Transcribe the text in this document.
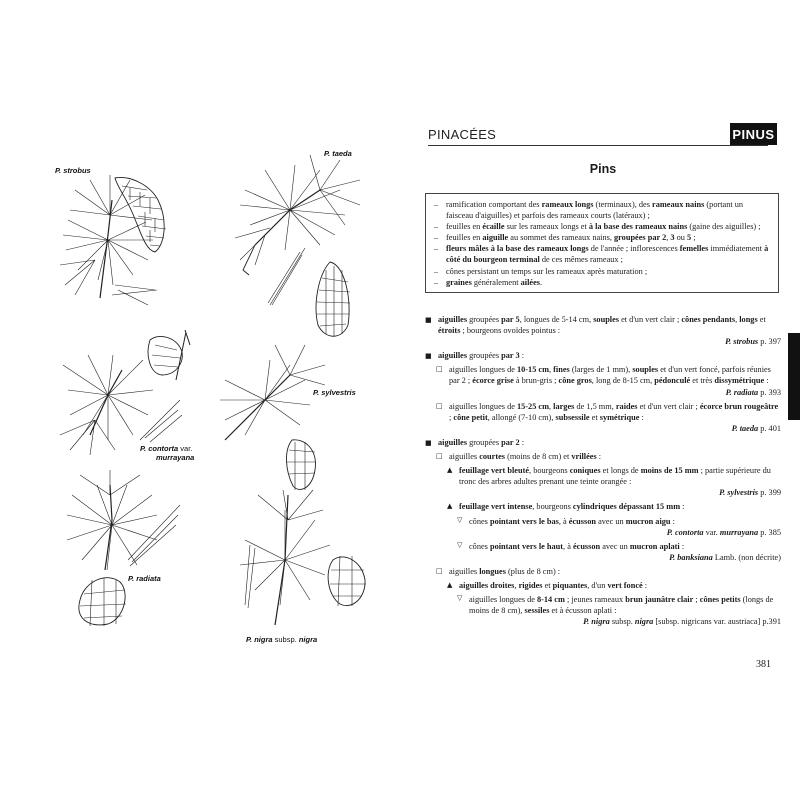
P. strobus
P. taeda
P. sylvestris
P. contorta var.
murrayana
P. radiata
P. nigra subsp. nigra
PINACÉES	PINUS
Pins
– ramification comportant des rameaux longs (terminaux), des rameaux nains (portant un faisceau d'aiguilles) et parfois des rameaux courts (latéraux) ;
– feuilles en écaille sur les rameaux longs et à la base des rameaux nains (gaine des aiguilles) ;
– feuilles en aiguille au sommet des rameaux nains, groupées par 2, 3 ou 5 ;
– fleurs mâles à la base des rameaux longs de l'année ; inflorescences femelles immédiatement à côté du bourgeon terminal de ces mêmes rameaux ;
– cônes persistant un temps sur les rameaux après maturation ;
– graines généralement ailées.
■ aiguilles groupées par 5, longues de 5-14 cm, souples et d'un vert clair ; cônes pendants, longs et étroits ; bourgeons ovoïdes pointus :
P. strobus p. 397
■ aiguilles groupées par 3 :
□ aiguilles longues de 10-15 cm, fines (larges de 1 mm), souples et d'un vert foncé, parfois réunies par 2 ; écorce grise à brun-gris ; cône gros, long de 8-15 cm, pédonculé et très dissymétrique :
P. radiata p. 393
□ aiguilles longues de 15-25 cm, larges de 1,5 mm, raides et d'un vert clair ; écorce brun rougeâtre ; cône petit, allongé (7-10 cm), subsessile et symétrique :
P. taeda p. 401
■ aiguilles groupées par 2 :
□ aiguilles courtes (moins de 8 cm) et vrillées :
▲ feuillage vert bleuté, bourgeons coniques et longs de moins de 15 mm ; partie supérieure du tronc des arbres adultes prenant une teinte orangée :
P. sylvestris p. 399
▲ feuillage vert intense, bourgeons cylindriques dépassant 15 mm :
▽ cônes pointant vers le bas, à écusson avec un mucron aigu :
P. contorta var. murrayana p. 385
▽ cônes pointant vers le haut, à écusson avec un mucron aplati :
P. banksiana Lamb. (non décrite)
□ aiguilles longues (plus de 8 cm) :
▲ aiguilles droites, rigides et piquantes, d'un vert foncé :
▽ aiguilles longues de 8-14 cm ; jeunes rameaux brun jaunâtre clair ; cônes petits (longs de moins de 8 cm), sessiles et à écusson aplati :
P. nigra subsp. nigra [subsp. nigricans var. austriaca] p.391
381
